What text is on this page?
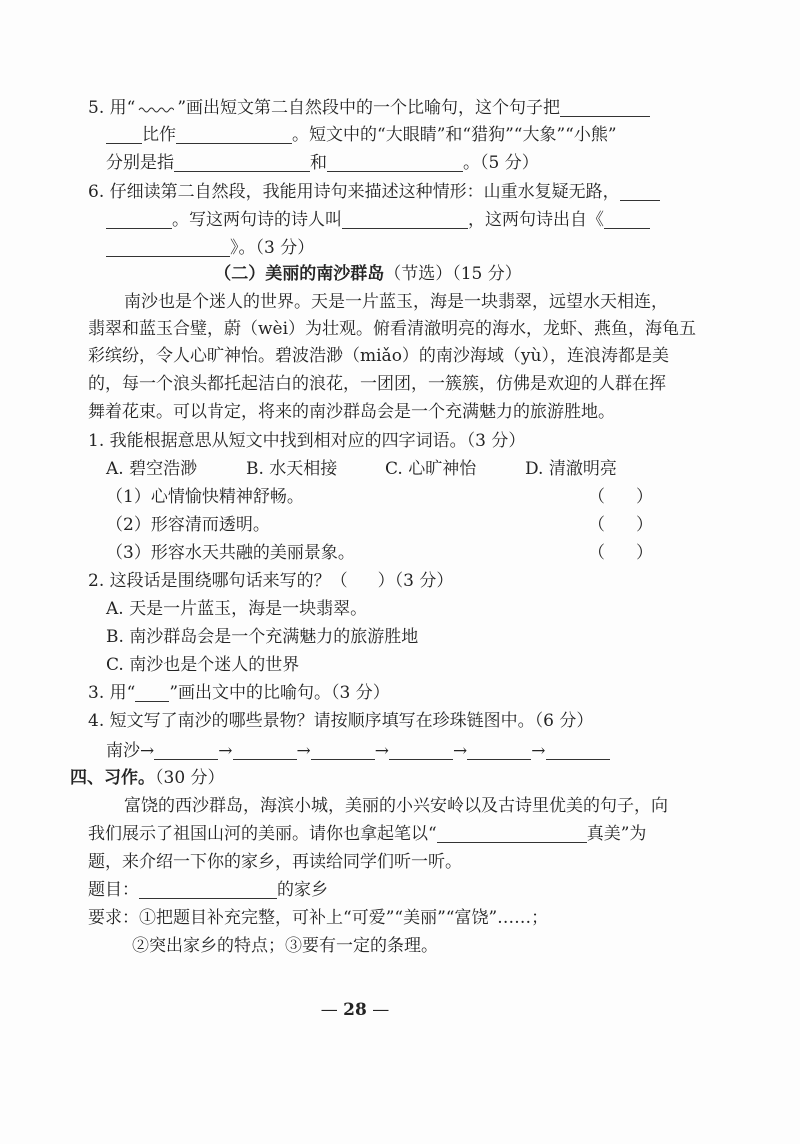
5. 用“ ”画出短文第二自然段中的一个比喻句，这个句子把
比作	。短文中的“大眼睛”和“猎狗”“大象”“小熊”
分别是指	和	。（5 分）
6. 仔细读第二自然段，我能用诗句来描述这种情形：山重水复疑无路，
。写这两句诗的诗人叫	，这两句诗出自《
》。（3 分）
（二）美丽的南沙群岛（节选）（15 分）
南沙也是个迷人的世界。天是一片蓝玉，海是一块翡翠，远望水天相连，
翡翠和蓝玉合璧，蔚（wèi）为壮观。俯看清澈明亮的海水，龙虾、燕鱼，海龟五
彩缤纷，令人心旷神怡。碧波浩渺（miǎo）的南沙海域（yù），连浪涛都是美
的，每一个浪头都托起洁白的浪花，一团团，一簇簇，仿佛是欢迎的人群在挥
舞着花束。可以肯定，将来的南沙群岛会是一个充满魅力的旅游胜地。
1. 我能根据意思从短文中找到相对应的四字词语。（3 分）
A. 碧空浩渺	B. 水天相接	C. 心旷神怡	D. 清澈明亮
（1）心情愉快精神舒畅。	（ ）
（2）形容清而透明。	（ ）
（3）形容水天共融的美丽景象。	（ ）
2. 这段话是围绕哪句话来写的？（ ）（3 分）
A. 天是一片蓝玉，海是一块翡翠。
B. 南沙群岛会是一个充满魅力的旅游胜地
C. 南沙也是个迷人的世界
3. 用“ ”画出文中的比喻句。（3 分）
4. 短文写了南沙的哪些景物？请按顺序填写在珍珠链图中。（6 分）
南沙→	→	→	→	→	→
四、习作。（30 分）
富饶的西沙群岛，海滨小城，美丽的小兴安岭以及古诗里优美的句子，向
我们展示了祖国山河的美丽。请你也拿起笔以“	真美”为
题，来介绍一下你的家乡，再读给同学们听一听。
题目：	的家乡
要求：①把题目补充完整，可补上“可爱”“美丽”“富饶”……；
②突出家乡的特点；③要有一定的条理。
— 28 —
